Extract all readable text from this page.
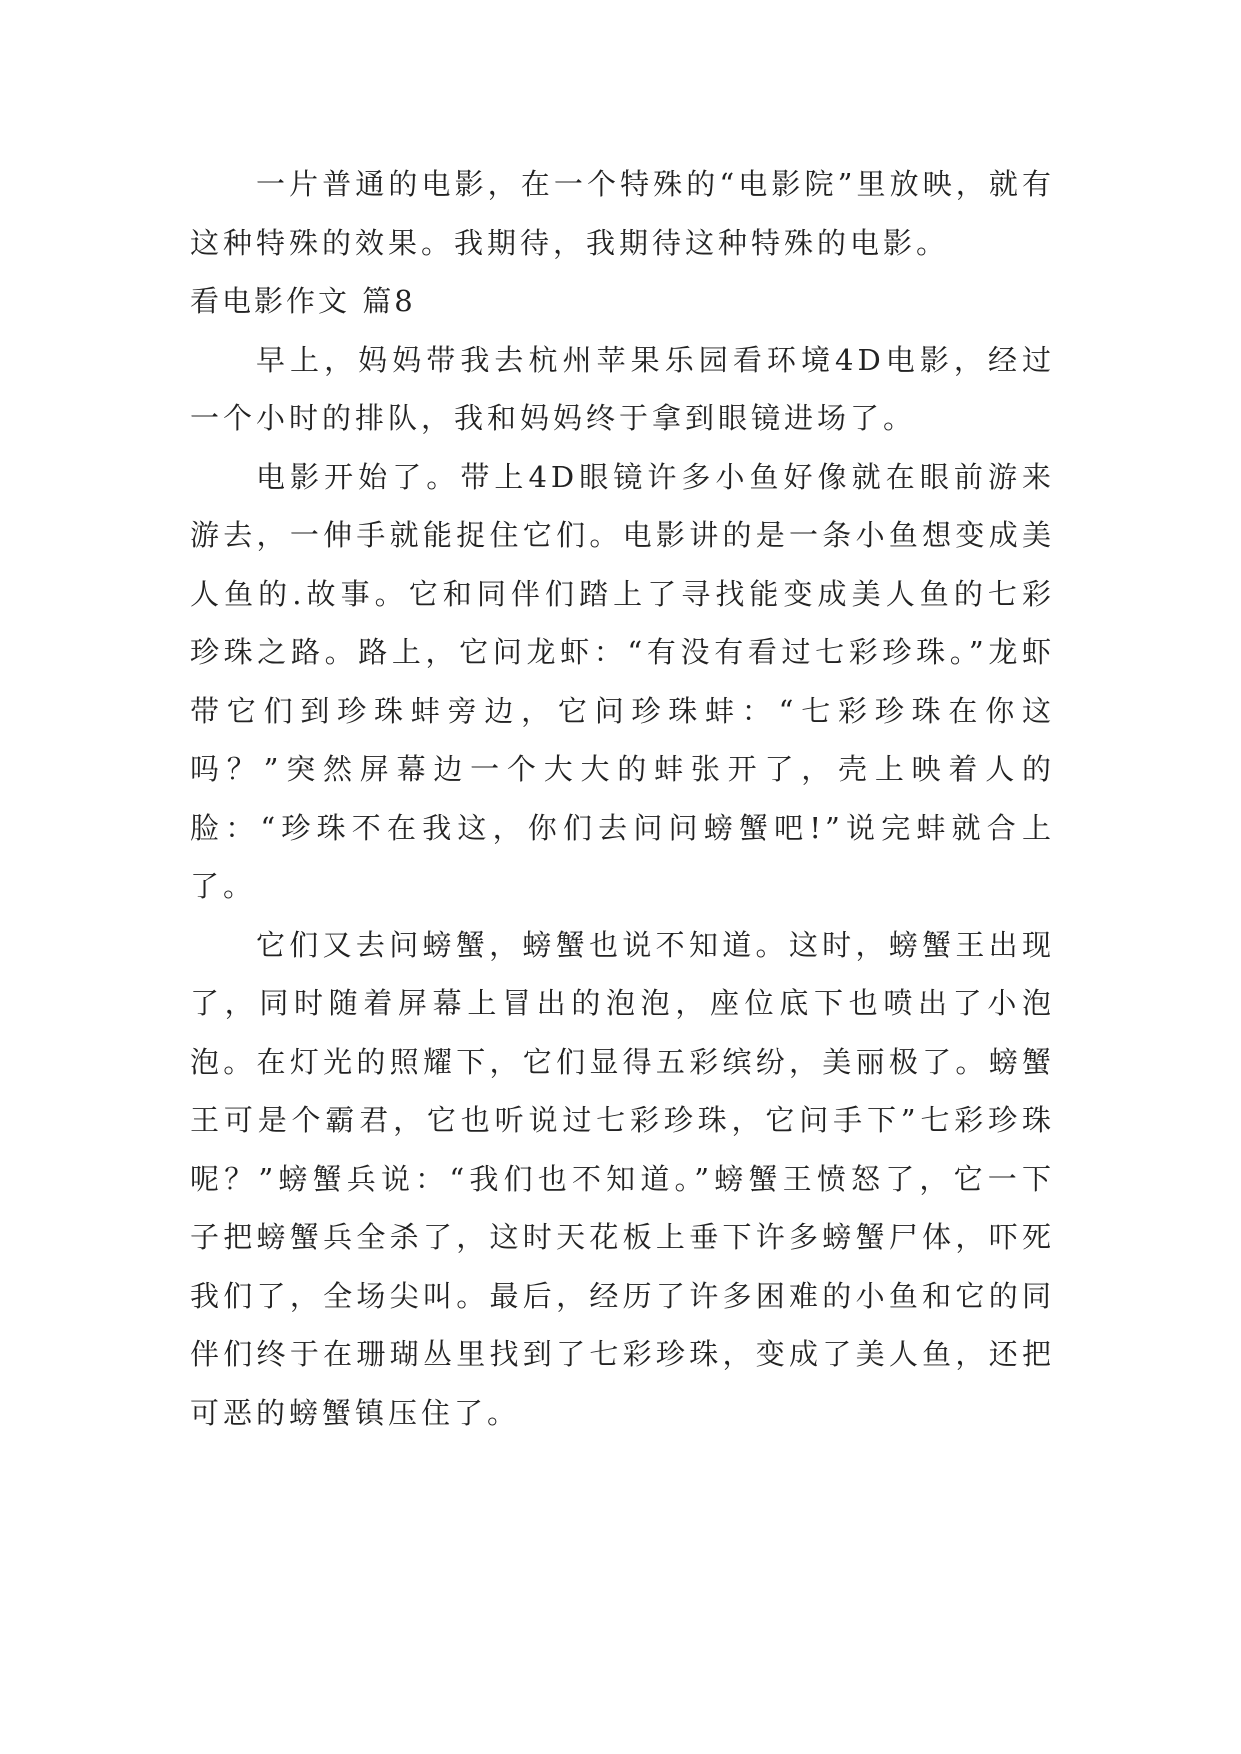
一片普通的电影，在一个特殊的“电影院”里放映，就有这种特殊的效果。我期待，我期待这种特殊的电影。

看电影作文 篇8

早上，妈妈带我去杭州苹果乐园看环境4D电影，经过一个小时的排队，我和妈妈终于拿到眼镜进场了。

电影开始了。带上4D眼镜许多小鱼好像就在眼前游来游去，一伸手就能捉住它们。电影讲的是一条小鱼想变成美人鱼的.故事。它和同伴们踏上了寻找能变成美人鱼的七彩珍珠之路。路上，它问龙虾：“有没有看过七彩珍珠。”龙虾带它们到珍珠蚌旁边，它问珍珠蚌：“七彩珍珠在你这吗？”突然屏幕边一个大大的蚌张开了，壳上映着人的脸：“珍珠不在我这，你们去问问螃蟹吧!”说完蚌就合上了。

它们又去问螃蟹，螃蟹也说不知道。这时，螃蟹王出现了，同时随着屏幕上冒出的泡泡，座位底下也喷出了小泡泡。在灯光的照耀下，它们显得五彩缤纷，美丽极了。螃蟹王可是个霸君，它也听说过七彩珍珠，它问手下”七彩珍珠呢？”螃蟹兵说：“我们也不知道。”螃蟹王愤怒了，它一下子把螃蟹兵全杀了，这时天花板上垂下许多螃蟹尸体，吓死我们了，全场尖叫。最后，经历了许多困难的小鱼和它的同伴们终于在珊瑚丛里找到了七彩珍珠，变成了美人鱼，还把可恶的螃蟹镇压住了。
